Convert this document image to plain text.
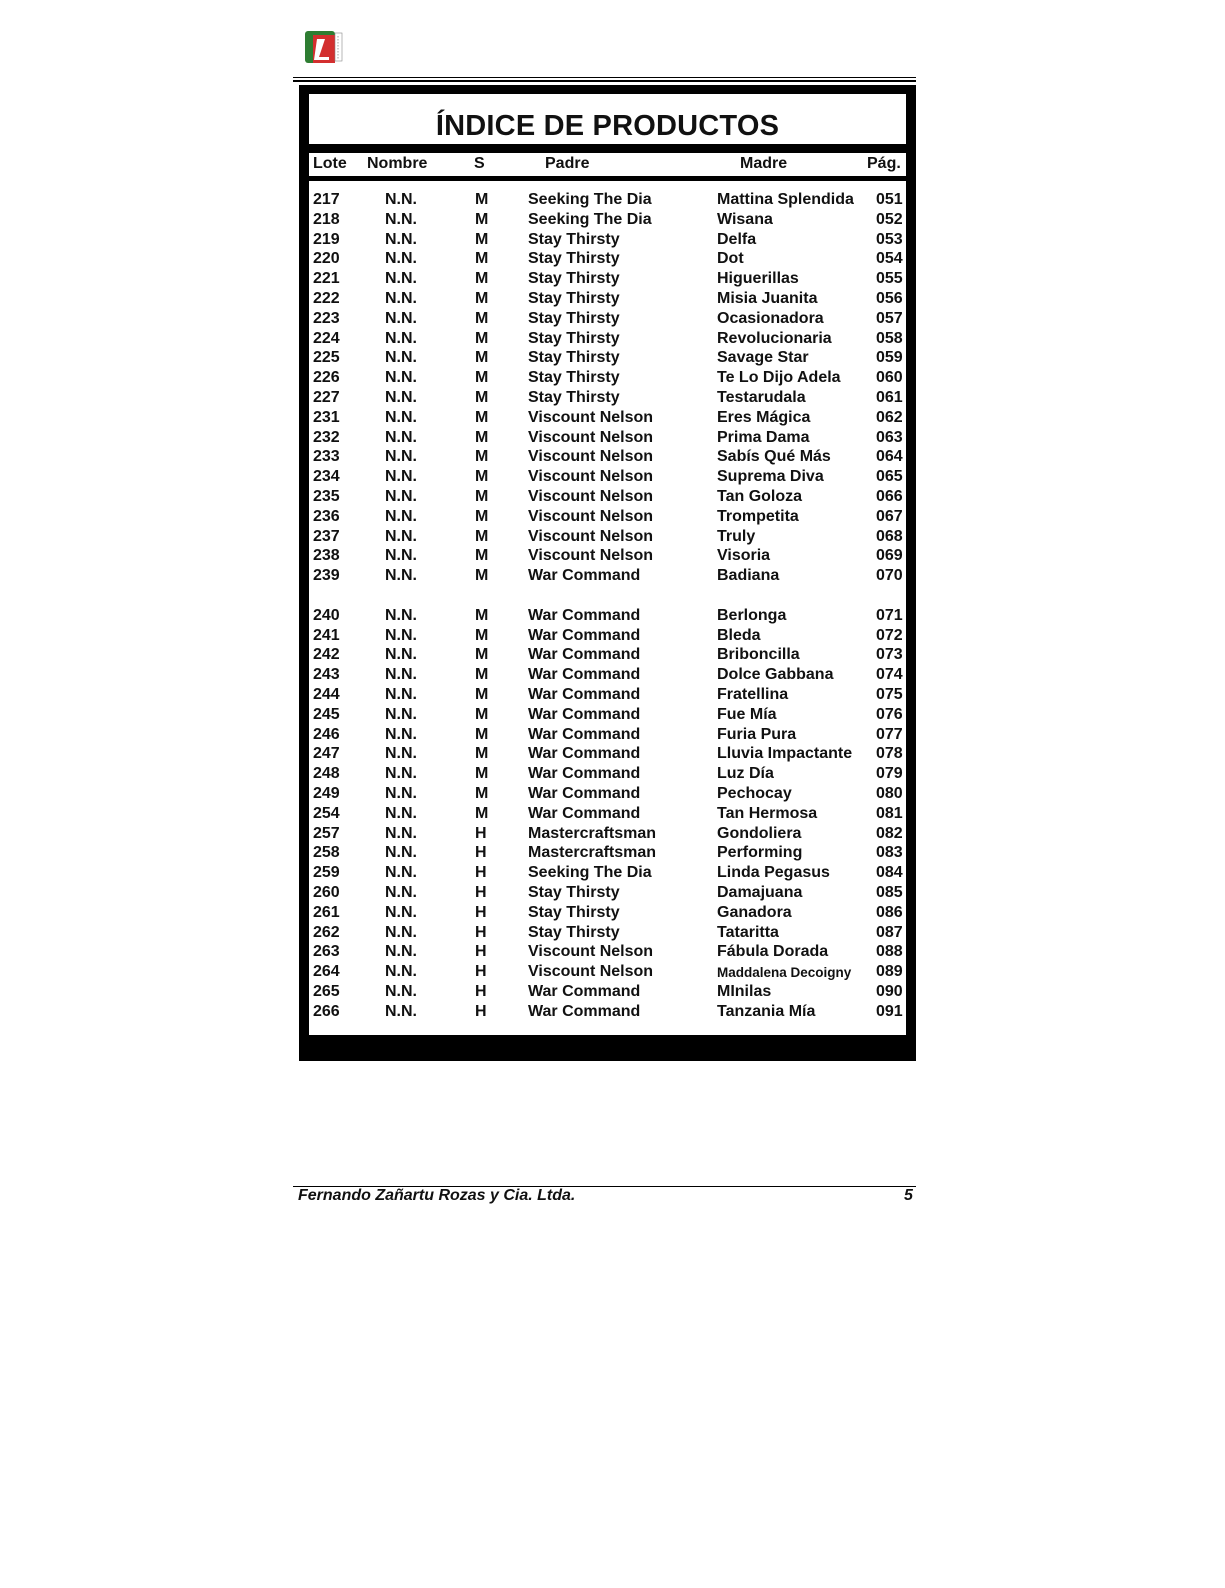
ÍNDICE DE PRODUCTOS
Lote Nombre	S	Padre	Madre	Pág.
217	N.N.	M Seeking The Dia	Mattina Splendida 051
218	N.N.	M Seeking The Dia	Wisana	052
219	N.N.	M Stay Thirsty	Delfa	053
220	N.N.	M Stay Thirsty	Dot	054
221	N.N.	M Stay Thirsty	Higuerillas	055
222	N.N.	M Stay Thirsty	Misia Juanita	056
223	N.N.	M Stay Thirsty	Ocasionadora	057
224	N.N.	M Stay Thirsty	Revolucionaria	058
225	N.N.	M Stay Thirsty	Savage Star	059
226	N.N.	M Stay Thirsty	Te Lo Dijo Adela 060
227	N.N.	M Stay Thirsty	Testarudala	061
231	N.N.	M Viscount Nelson	Eres Mágica	062
232	N.N.	M Viscount Nelson	Prima Dama	063
233	N.N.	M Viscount Nelson	Sabís Qué Más	064
234	N.N.	M Viscount Nelson	Suprema Diva	065
235	N.N.	M Viscount Nelson	Tan Goloza	066
236	N.N.	M Viscount Nelson	Trompetita	067
237	N.N.	M Viscount Nelson	Truly	068
238	N.N.	M Viscount Nelson	Visoria	069
239	N.N.	M War Command	Badiana	070
240	N.N.	M War Command	Berlonga	071
241	N.N.	M War Command	Bleda	072
242	N.N.	M War Command	Briboncilla	073
243	N.N.	M War Command	Dolce Gabbana	074
244	N.N.	M War Command	Fratellina	075
245	N.N.	M War Command	Fue Mía	076
246	N.N.	M War Command	Furia Pura	077
247	N.N.	M War Command	Lluvia Impactante 078
248	N.N.	M War Command	Luz Día	079
249	N.N.	M War Command	Pechocay	080
254	N.N.	M War Command	Tan Hermosa	081
257	N.N.	H	Mastercraftsman	Gondoliera	082
258	N.N.	H	Mastercraftsman	Performing	083
259	N.N.	H	Seeking The Dia	Linda Pegasus	084
260	N.N.	H	Stay Thirsty	Damajuana	085
261	N.N.	H	Stay Thirsty	Ganadora	086
262	N.N.	H	Stay Thirsty	Tataritta	087
263	N.N.	H	Viscount Nelson	Fábula Dorada	088
264	N.N.	H	Viscount Nelson	Maddalena Decoigny 089
265	N.N.	H	War Command	MInilas	090
266	N.N.	H	War Command	Tanzania Mía	091
Fernando Zañartu Rozas y Cia. Ltda.	5
